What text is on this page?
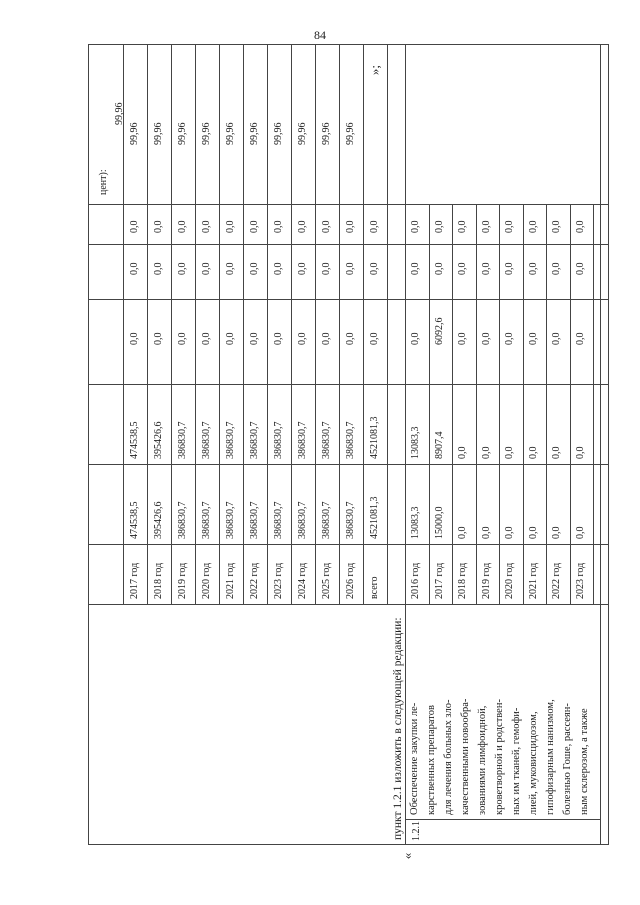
84
цент):
99,96
2017 год
474538,5
474538,5
0,0
0,0
0,0
99,96
2018 год
395426,6
395426,6
0,0
0,0
0,0
99,96
2019 год
386830,7
386830,7
0,0
0,0
0,0
99,96
2020 год
386830,7
386830,7
0,0
0,0
0,0
99,96
2021 год
386830,7
386830,7
0,0
0,0
0,0
99,96
2022 год
386830,7
386830,7
0,0
0,0
0,0
99,96
2023 год
386830,7
386830,7
0,0
0,0
0,0
99,96
2024 год
386830,7
386830,7
0,0
0,0
0,0
99,96
2025 год
386830,7
386830,7
0,0
0,0
0,0
99,96
2026 год
386830,7
386830,7
0,0
0,0
0,0
99,96
всего
4521081,3
4521081,3
0,0
0,0
0,0
»;
пункт 1.2.1 изложить в следующей редакции:
«
1.2.1
Обеспечение закупки ле- карственных препаратов для лечения больных зло- качественными новообра- зованиями лимфоидной, кроветворной и родствен- ных им тканей, гемофи- лией, муковисцидозом, гипофизарным нанизмом, болезнью Гоше, рассеян- ным склерозом, а также
2016 год
13083,3
13083,3
0,0
0,0
0,0
2017 год
15000,0
8907,4
6092,6
0,0
0,0
2018 год
0,0
0,0
0,0
0,0
0,0
2019 год
0,0
0,0
0,0
0,0
0,0
2020 год
0,0
0,0
0,0
0,0
0,0
2021 год
0,0
0,0
0,0
0,0
0,0
2022 год
0,0
0,0
0,0
0,0
0,0
2023 год
0,0
0,0
0,0
0,0
0,0
